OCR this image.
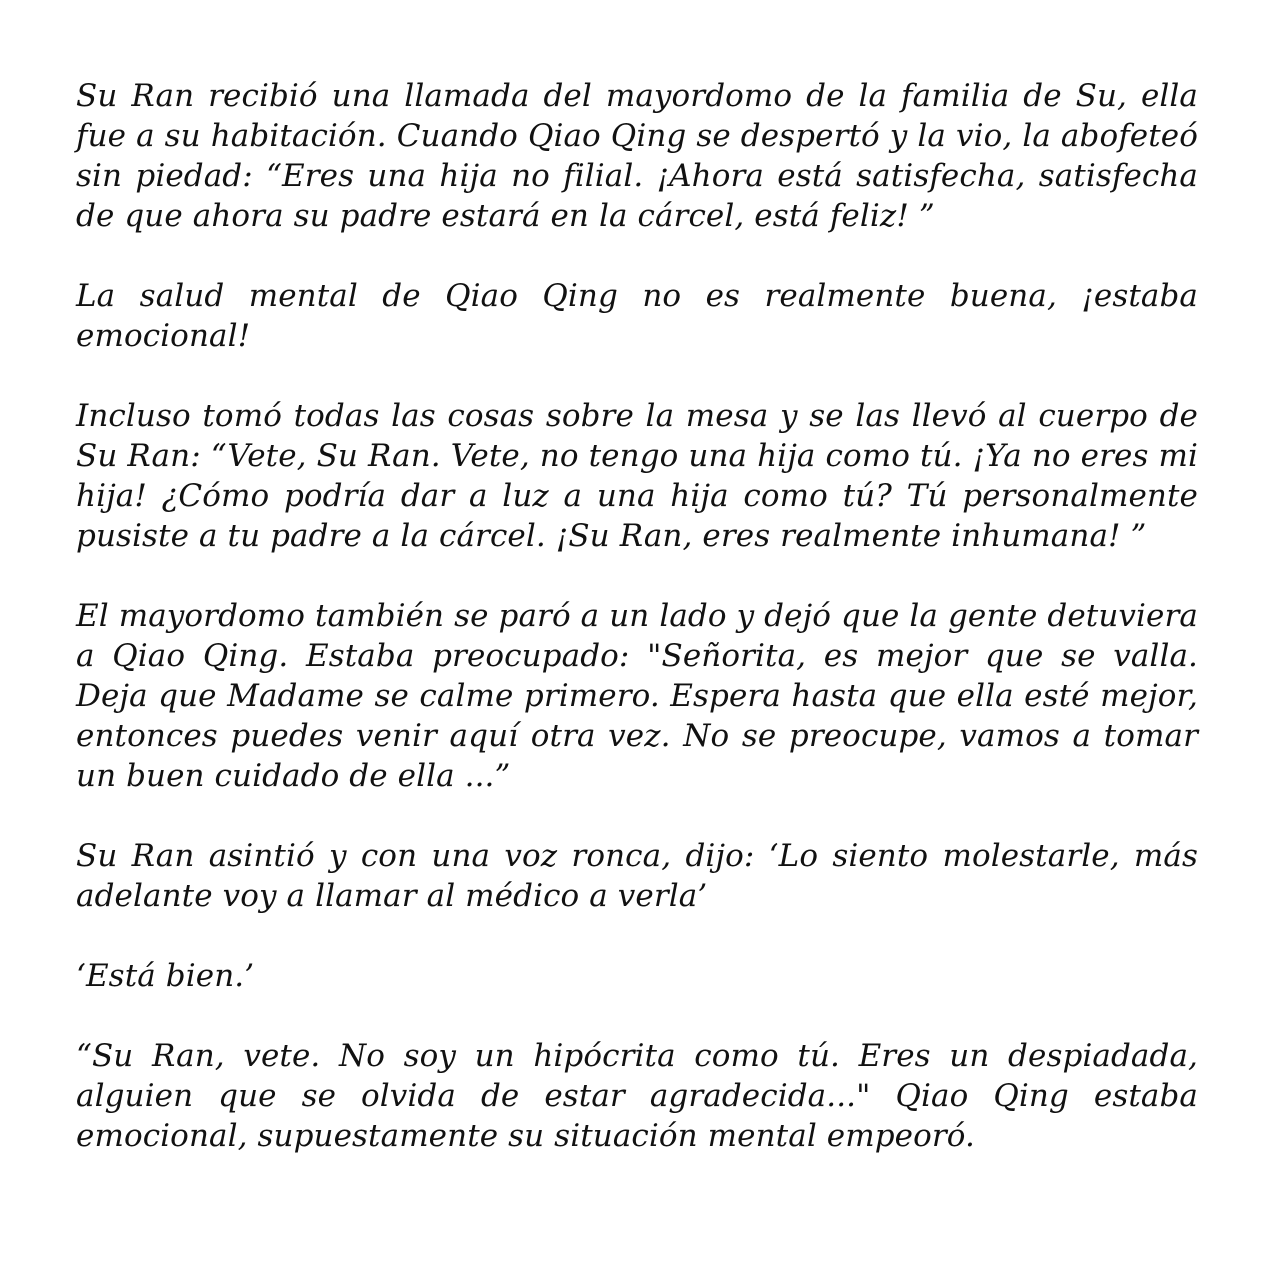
Su Ran recibió una llamada del mayordomo de la familia de Su, ella fue a su habitación. Cuando Qiao Qing se despertó y la vio, la abofeteó sin piedad: “Eres una hija no filial. ¡Ahora está satisfecha, satisfecha de que ahora su padre estará en la cárcel, está feliz! ”

La salud mental de Qiao Qing no es realmente buena, ¡estaba emocional!

Incluso tomó todas las cosas sobre la mesa y se las llevó al cuerpo de Su Ran: “Vete, Su Ran. Vete, no tengo una hija como tú. ¡Ya no eres mi hija! ¿Cómo podría dar a luz a una hija como tú? Tú personalmente pusiste a tu padre a la cárcel. ¡Su Ran, eres realmente inhumana! ”

El mayordomo también se paró a un lado y dejó que la gente detuviera a Qiao Qing. Estaba preocupado: "Señorita, es mejor que se valla. Deja que Madame se calme primero. Espera hasta que ella esté mejor, entonces puedes venir aquí otra vez. No se preocupe, vamos a tomar un buen cuidado de ella ...”

Su Ran asintió y con una voz ronca, dijo: ‘Lo siento molestarle, más adelante voy a llamar al médico a verla’

‘Está bien.’

“Su Ran, vete. No soy un hipócrita como tú. Eres un despiadada, alguien que se olvida de estar agradecida..." Qiao Qing estaba emocional, supuestamente su situación mental empeoró.
